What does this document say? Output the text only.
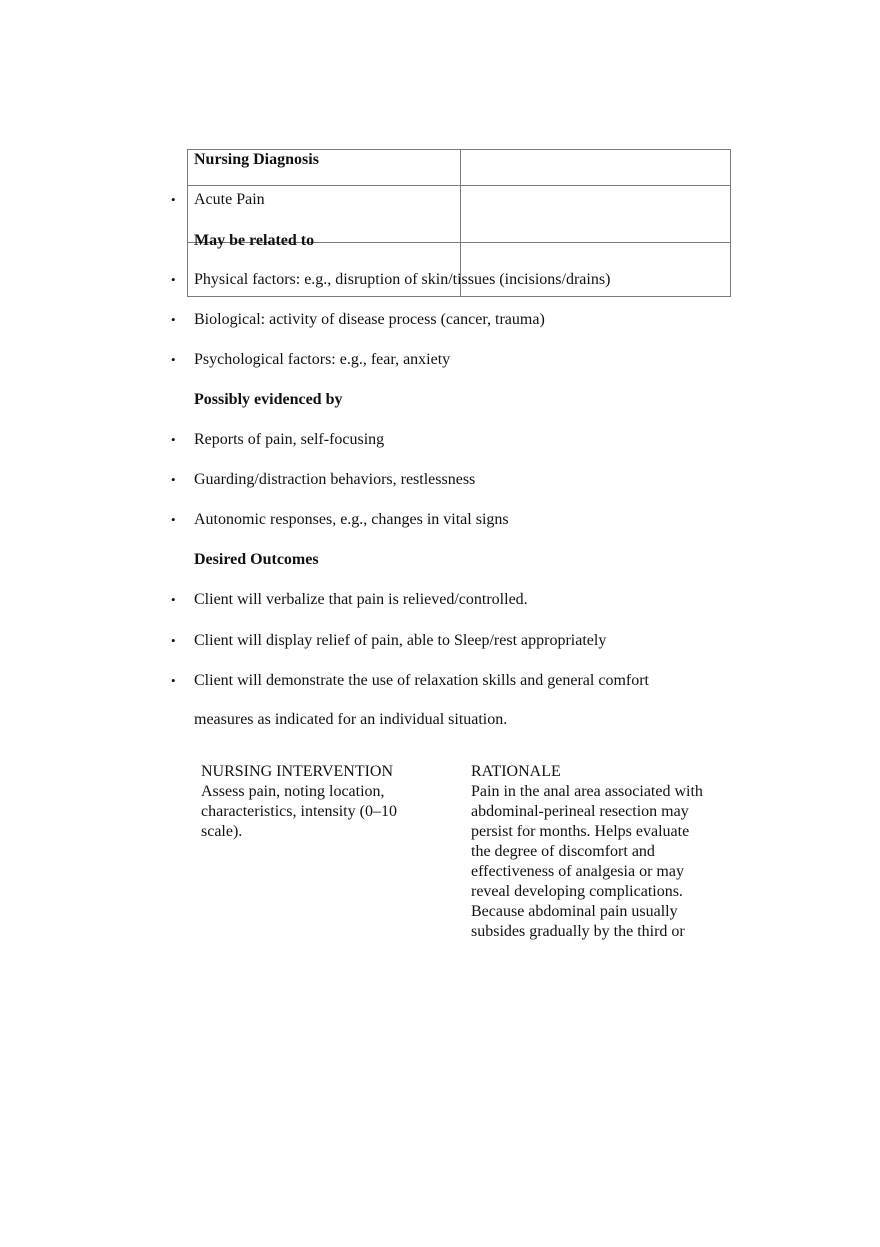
Nursing Diagnosis
• Acute Pain
May be related to
• Physical factors: e.g., disruption of skin/tissues (incisions/drains)
• Biological: activity of disease process (cancer, trauma)
• Psychological factors: e.g., fear, anxiety
Possibly evidenced by
• Reports of pain, self-focusing
• Guarding/distraction behaviors, restlessness
• Autonomic responses, e.g., changes in vital signs
Desired Outcomes
• Client will verbalize that pain is relieved/controlled.
• Client will display relief of pain, able to Sleep/rest appropriately
• Client will demonstrate the use of relaxation skills and general comfort
measures as indicated for an individual situation.
NURSING INTERVENTION
Assess pain, noting location,
characteristics, intensity (0–10
scale).
RATIONALE
Pain in the anal area associated with
abdominal-perineal resection may
persist for months. Helps evaluate
the degree of discomfort and
effectiveness of analgesia or may
reveal developing complications.
Because abdominal pain usually
subsides gradually by the third or
